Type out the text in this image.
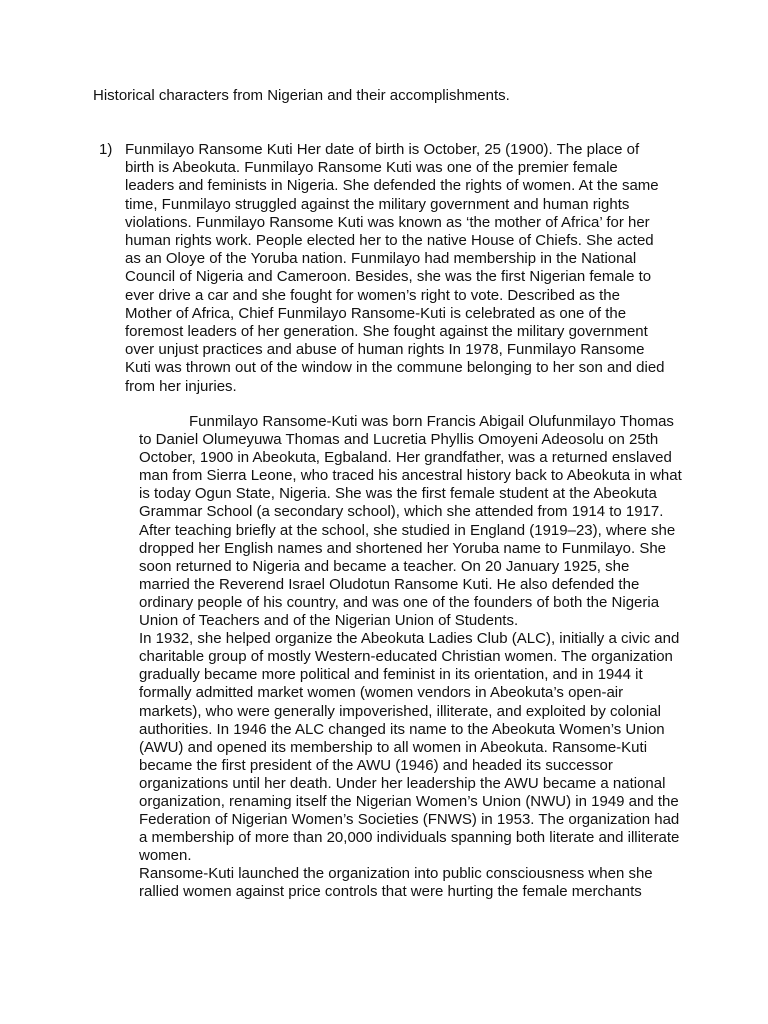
Historical characters from Nigerian and their accomplishments.
1) Funmilayo Ransome Kuti Her date of birth is October, 25 (1900). The place of birth is Abeokuta. Funmilayo Ransome Kuti was one of the premier female leaders and feminists in Nigeria. She defended the rights of women. At the same time, Funmilayo struggled against the military government and human rights violations. Funmilayo Ransome Kuti was known as ‘the mother of Africa’ for her human rights work. People elected her to the native House of Chiefs. She acted as an Oloye of the Yoruba nation. Funmilayo had membership in the National Council of Nigeria and Cameroon. Besides, she was the first Nigerian female to ever drive a car and she fought for women’s right to vote. Described as the Mother of Africa, Chief Funmilayo Ransome-Kuti is celebrated as one of the foremost leaders of her generation. She fought against the military government over unjust practices and abuse of human rights In 1978, Funmilayo Ransome Kuti was thrown out of the window in the commune belonging to her son and died from her injuries.

Funmilayo Ransome-Kuti was born Francis Abigail Olufunmilayo Thomas to Daniel Olumeyuwa Thomas and Lucretia Phyllis Omoyeni Adeosolu on 25th October, 1900 in Abeokuta, Egbaland. Her grandfather, was a returned enslaved man from Sierra Leone, who traced his ancestral history back to Abeokuta in what is today Ogun State, Nigeria. She was the first female student at the Abeokuta Grammar School (a secondary school), which she attended from 1914 to 1917. After teaching briefly at the school, she studied in England (1919–23), where she dropped her English names and shortened her Yoruba name to Funmilayo. She soon returned to Nigeria and became a teacher. On 20 January 1925, she married the Reverend Israel Oludotun Ransome Kuti. He also defended the ordinary people of his country, and was one of the founders of both the Nigeria Union of Teachers and of the Nigerian Union of Students.

In 1932, she helped organize the Abeokuta Ladies Club (ALC), initially a civic and charitable group of mostly Western-educated Christian women. The organization gradually became more political and feminist in its orientation, and in 1944 it formally admitted market women (women vendors in Abeokuta’s open-air markets), who were generally impoverished, illiterate, and exploited by colonial authorities. In 1946 the ALC changed its name to the Abeokuta Women’s Union (AWU) and opened its membership to all women in Abeokuta. Ransome-Kuti became the first president of the AWU (1946) and headed its successor organizations until her death. Under her leadership the AWU became a national organization, renaming itself the Nigerian Women’s Union (NWU) in 1949 and the Federation of Nigerian Women’s Societies (FNWS) in 1953. The organization had a membership of more than 20,000 individuals spanning both literate and illiterate women.

Ransome-Kuti launched the organization into public consciousness when she rallied women against price controls that were hurting the female merchants
